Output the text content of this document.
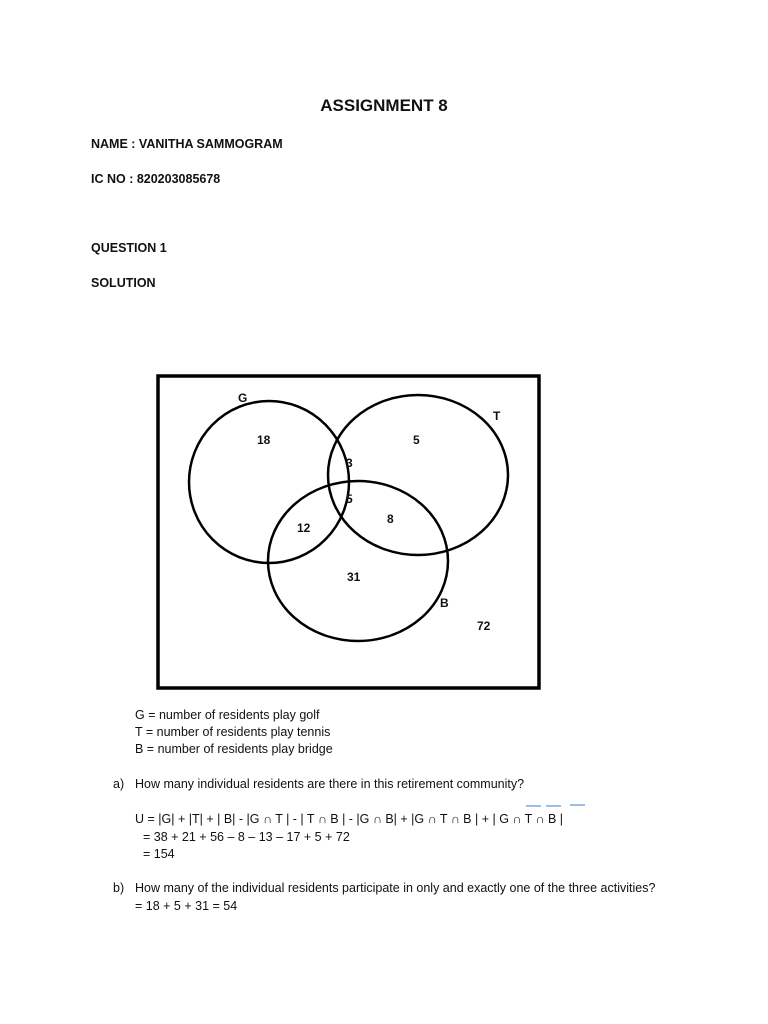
ASSIGNMENT 8
NAME : VANITHA SAMMOGRAM
IC NO : 820203085678
QUESTION 1
SOLUTION
G
T
B
18	5
3
5
12
8
31
72
G = number of residents play golf
T = number of residents play tennis
B = number of residents play bridge
a) How many individual residents are there in this retirement community?
U = |G| + |T| + | B| - |G ∩ T | - | T ∩ B | - |G ∩ B| + |G ∩ T ∩ B | + | G ∩ T ∩ B |
= 38 + 21 + 56 – 8 – 13 – 17 + 5 + 72
= 154
b) How many of the individual residents participate in only and exactly one of the three activities?
= 18 + 5 + 31 = 54
